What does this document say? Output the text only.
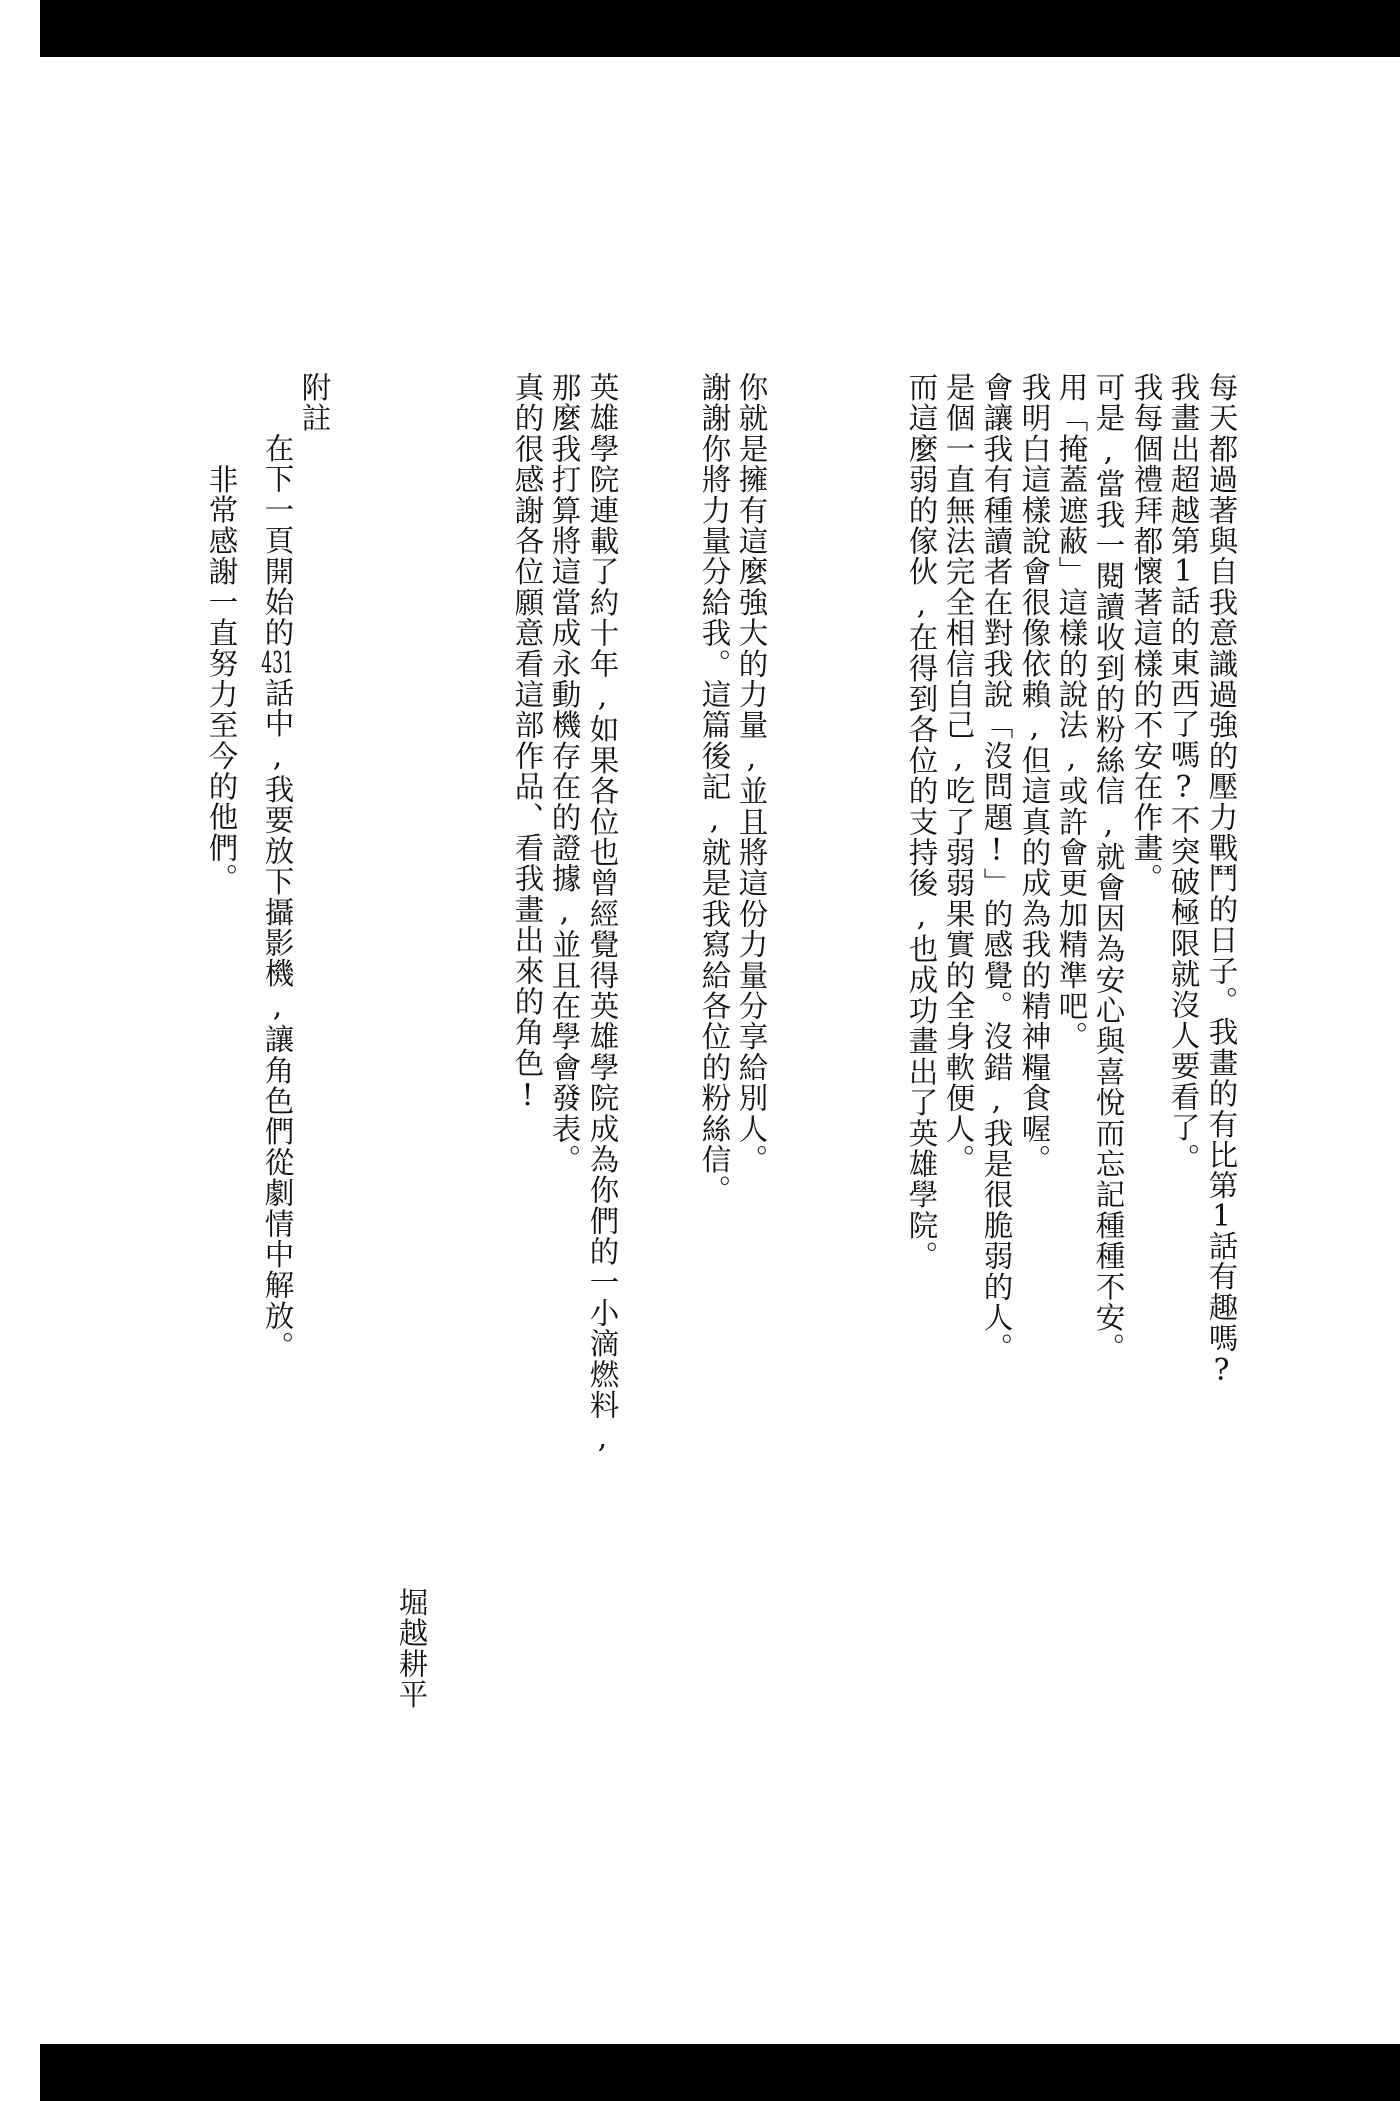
每天都過著與自我意識過強的壓力戰鬥的日子。我畫的有比第1話有趣嗎?
我畫出超越第1話的東西了嗎?不突破極限就沒人要看了。
我每個禮拜都懷著這樣的不安在作畫。
可是,當我一閱讀收到的粉絲信,就會因為安心與喜悅而忘記種種不安。
用「掩蓋遮蔽」這樣的說法,或許會更加精準吧。
我明白這樣說會很像依賴,但這真的成為我的精神糧食喔。
會讓我有種讀者在對我說「沒問題!」的感覺。沒錯,我是很脆弱的人。
是個一直無法完全相信自己,吃了弱弱果實的全身軟便人。
而這麼弱的傢伙,在得到各位的支持後,也成功畫出了英雄學院。
你就是擁有這麼強大的力量,並且將這份力量分享給別人。
謝謝你將力量分給我。這篇後記,就是我寫給各位的粉絲信。
英雄學院連載了約十年,如果各位也曾經覺得英雄學院成為你們的一小滴燃料,
那麼我打算將這當成永動機存在的證據,並且在學會發表。
真的很感謝各位願意看這部作品、看我畫出來的角色!
附註
在下一頁開始的431話中,我要放下攝影機,讓角色們從劇情中解放。
非常感謝一直努力至今的他們。
堀越耕平
